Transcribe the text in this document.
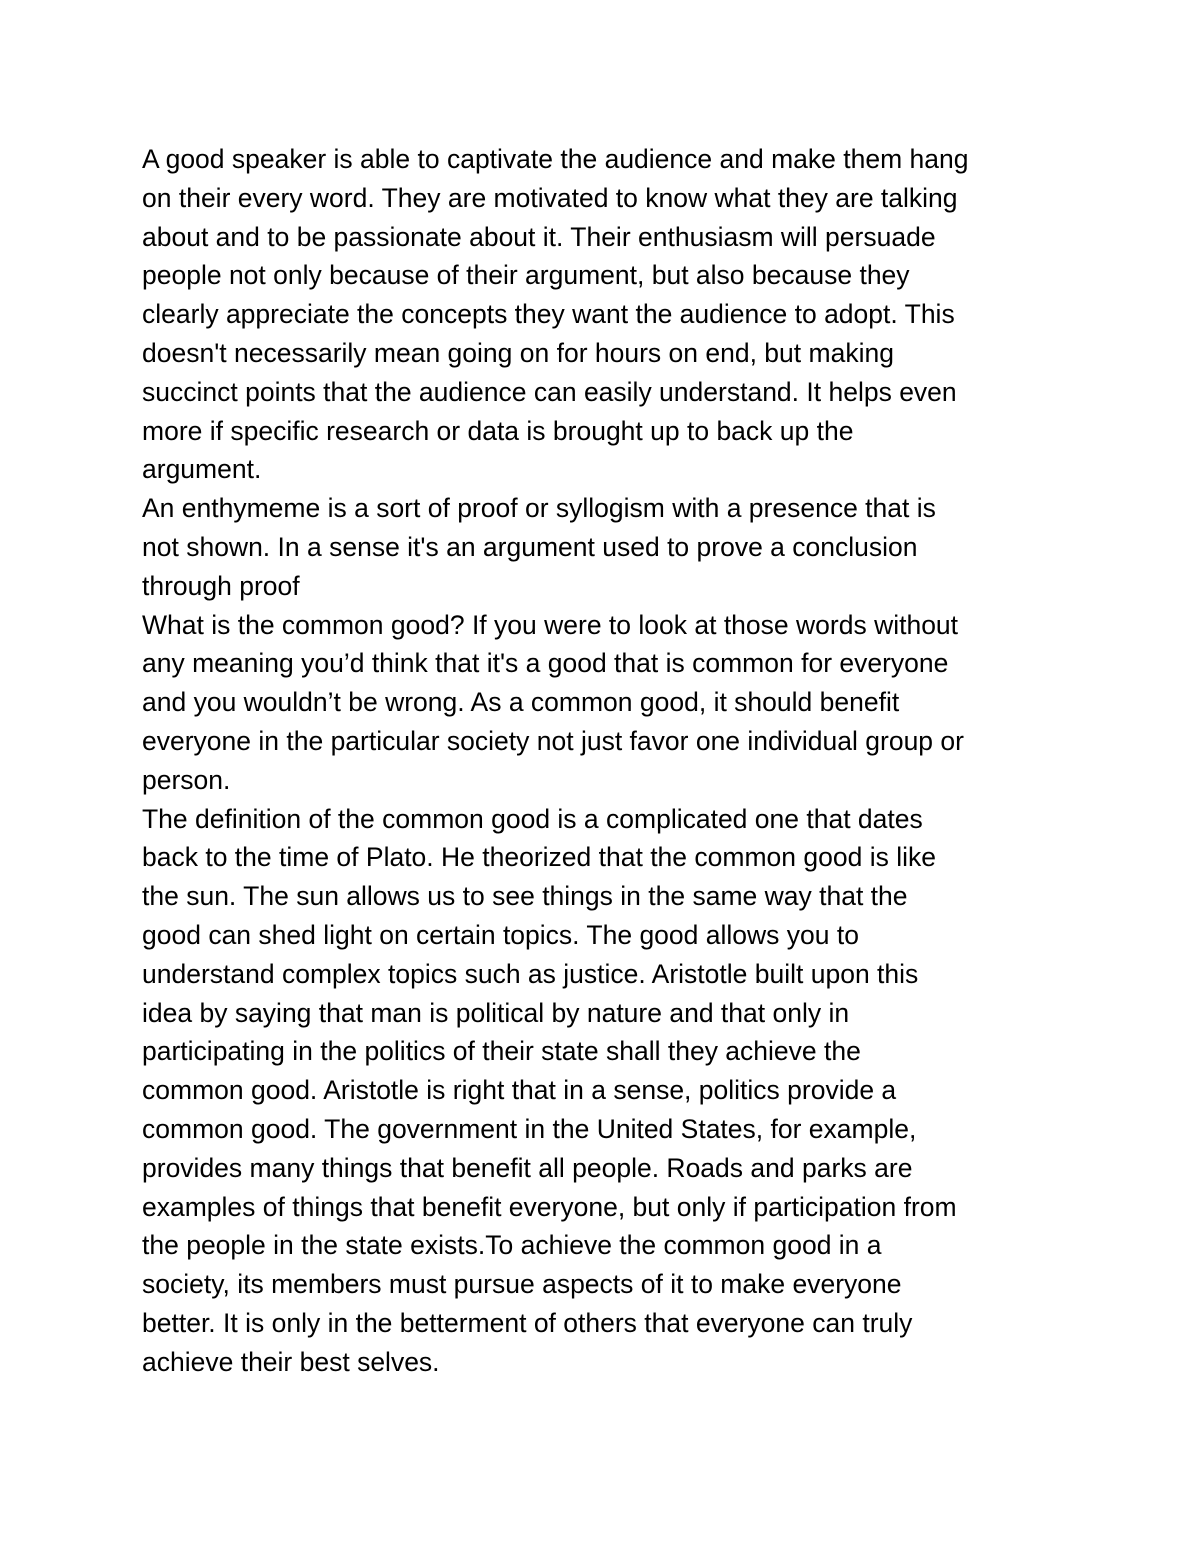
A good speaker is able to captivate the audience and make them hang
on their every word. They are motivated to know what they are talking
about and to be passionate about it. Their enthusiasm will persuade
people not only because of their argument, but also because they
clearly appreciate the concepts they want the audience to adopt. This
doesn't necessarily mean going on for hours on end, but making
succinct points that the audience can easily understand. It helps even
more if specific research or data is brought up to back up the
argument.
An enthymeme is a sort of proof or syllogism with a presence that is
not shown. In a sense it's an argument used to prove a conclusion
through proof
What is the common good? If you were to look at those words without
any meaning you’d think that it's a good that is common for everyone
and you wouldn’t be wrong. As a common good, it should benefit
everyone in the particular society not just favor one individual group or
person.
The definition of the common good is a complicated one that dates
back to the time of Plato. He theorized that the common good is like
the sun. The sun allows us to see things in the same way that the
good can shed light on certain topics. The good allows you to
understand complex topics such as justice. Aristotle built upon this
idea by saying that man is political by nature and that only in
participating in the politics of their state shall they achieve the
common good. Aristotle is right that in a sense, politics provide a
common good. The government in the United States, for example,
provides many things that benefit all people. Roads and parks are
examples of things that benefit everyone, but only if participation from
the people in the state exists.To achieve the common good in a
society, its members must pursue aspects of it to make everyone
better. It is only in the betterment of others that everyone can truly
achieve their best selves.
